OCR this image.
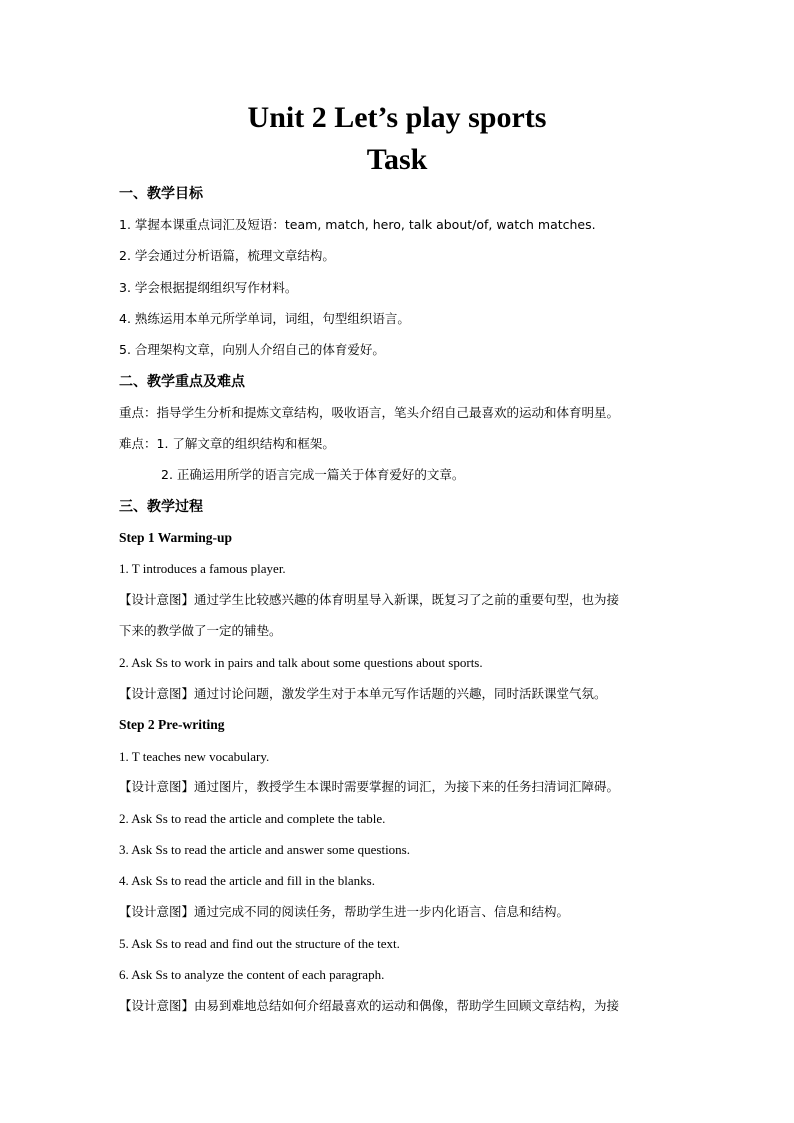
Unit 2 Let’s play sports
Task
一、教学目标
1. 掌握本课重点词汇及短语：team, match, hero, talk about/of, watch matches.
2. 学会通过分析语篇，梳理文章结构。
3. 学会根据提纲组织写作材料。
4. 熟练运用本单元所学单词，词组，句型组织语言。
5. 合理架构文章，向别人介绍自己的体育爱好。
二、教学重点及难点
重点：指导学生分析和提炼文章结构，吸收语言，笔头介绍自己最喜欢的运动和体育明星。
难点：1. 了解文章的组织结构和框架。
2. 正确运用所学的语言完成一篇关于体育爱好的文章。
三、教学过程
Step 1 Warming-up
1. T introduces a famous player.
【设计意图】通过学生比较感兴趣的体育明星导入新课，既复习了之前的重要句型，也为接
下来的教学做了一定的铺垫。
2. Ask Ss to work in pairs and talk about some questions about sports.
【设计意图】通过讨论问题，激发学生对于本单元写作话题的兴趣，同时活跃课堂气氛。
Step 2 Pre-writing
1. T teaches new vocabulary.
【设计意图】通过图片，教授学生本课时需要掌握的词汇，为接下来的任务扫清词汇障碍。
2. Ask Ss to read the article and complete the table.
3. Ask Ss to read the article and answer some questions.
4. Ask Ss to read the article and fill in the blanks.
【设计意图】通过完成不同的阅读任务，帮助学生进一步内化语言、信息和结构。
5. Ask Ss to read and find out the structure of the text.
6. Ask Ss to analyze the content of each paragraph.
【设计意图】由易到难地总结如何介绍最喜欢的运动和偶像，帮助学生回顾文章结构，为接
